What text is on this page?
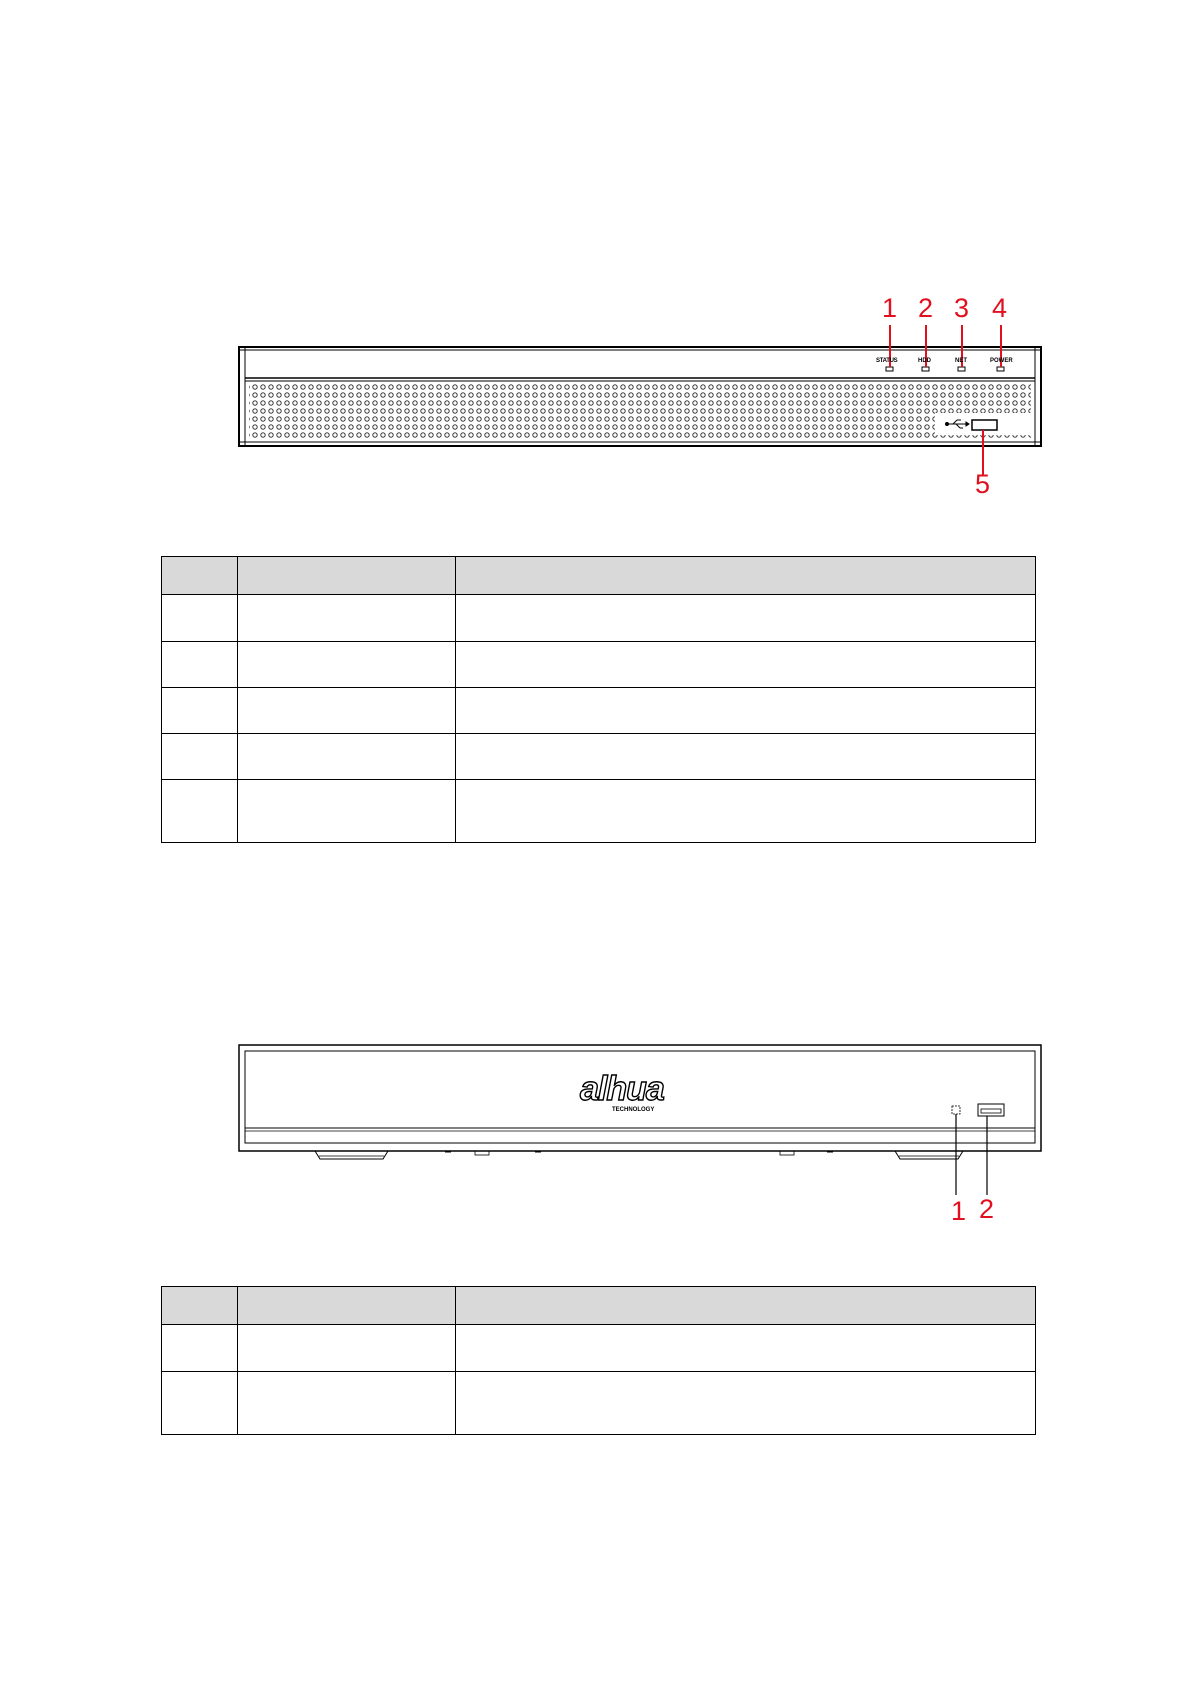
STATUS	HDD	NET	POWER
1 2 3 4
5

alhua
TECHNOLOGY
1 2
